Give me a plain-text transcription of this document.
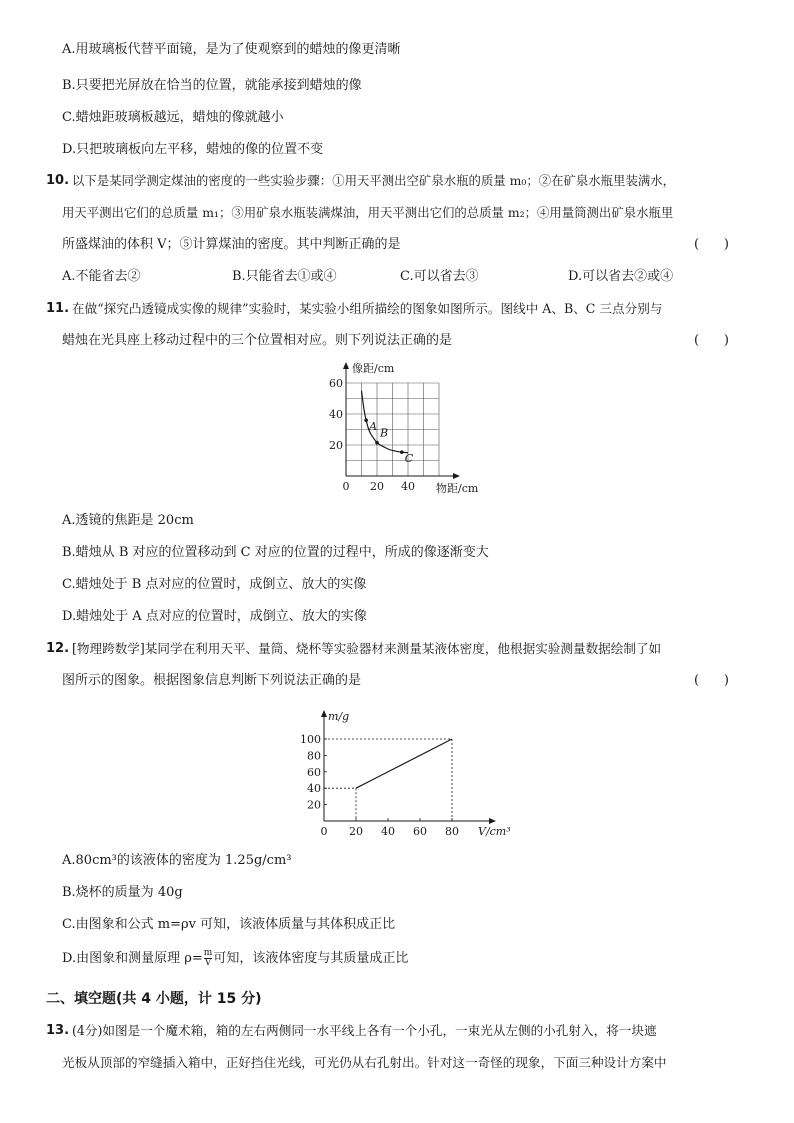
A.用玻璃板代替平面镜，是为了使观察到的蜡烛的像更清晰
B.只要把光屏放在恰当的位置，就能承接到蜡烛的像
C.蜡烛距玻璃板越远，蜡烛的像就越小
D.只把玻璃板向左平移，蜡烛的像的位置不变
10. 以下是某同学测定煤油的密度的一些实验步骤：①用天平测出空矿泉水瓶的质量 m₀；②在矿泉水瓶里装满水，
用天平测出它们的总质量 m₁；③用矿泉水瓶装满煤油，用天平测出它们的总质量 m₂；④用量筒测出矿泉水瓶里
所盛煤油的体积 V；⑤计算煤油的密度。其中判断正确的是	(      )
A.不能省去②	B.只能省去①或④	C.可以省去③	D.可以省去②或④
11. 在做“探究凸透镜成实像的规律”实验时，某实验小组所描绘的图象如图所示。图线中 A、B、C 三点分别与
蜡烛在光具座上移动过程中的三个位置相对应。则下列说法正确的是	(      )
0 20 40
20
40
60
A B
C
像距/cm
物距/cm
A.透镜的焦距是 20cm
B.蜡烛从 B 对应的位置移动到 C 对应的位置的过程中，所成的像逐渐变大
C.蜡烛处于 B 点对应的位置时，成倒立、放大的实像
D.蜡烛处于 A 点对应的位置时，成倒立、放大的实像
12. [物理跨数学]某同学在利用天平、量筒、烧杯等实验器材来测量某液体密度，他根据实验测量数据绘制了如
图所示的图象。根据图象信息判断下列说法正确的是	(      )
0 20 40 60 80
20
40
60
80
100
m/g
V/cm³
A.80cm³的该液体的密度为 1.25g/cm³
B.烧杯的质量为 40g
C.由图象和公式 m=ρv 可知，该液体质量与其体积成正比
D.由图象和测量原理 $\rho= \frac{m}{V}$ 可知，该液体密度与其质量成正比
二、填空题(共 4 小题，计 15 分)
13. (4分)如图是一个魔术箱，箱的左右两侧同一水平线上各有一个小孔，一束光从左侧的小孔射入，将一块遮
光板从顶部的窄缝插入箱中，正好挡住光线，可光仍从右孔射出。针对这一奇怪的现象，下面三种设计方案中
